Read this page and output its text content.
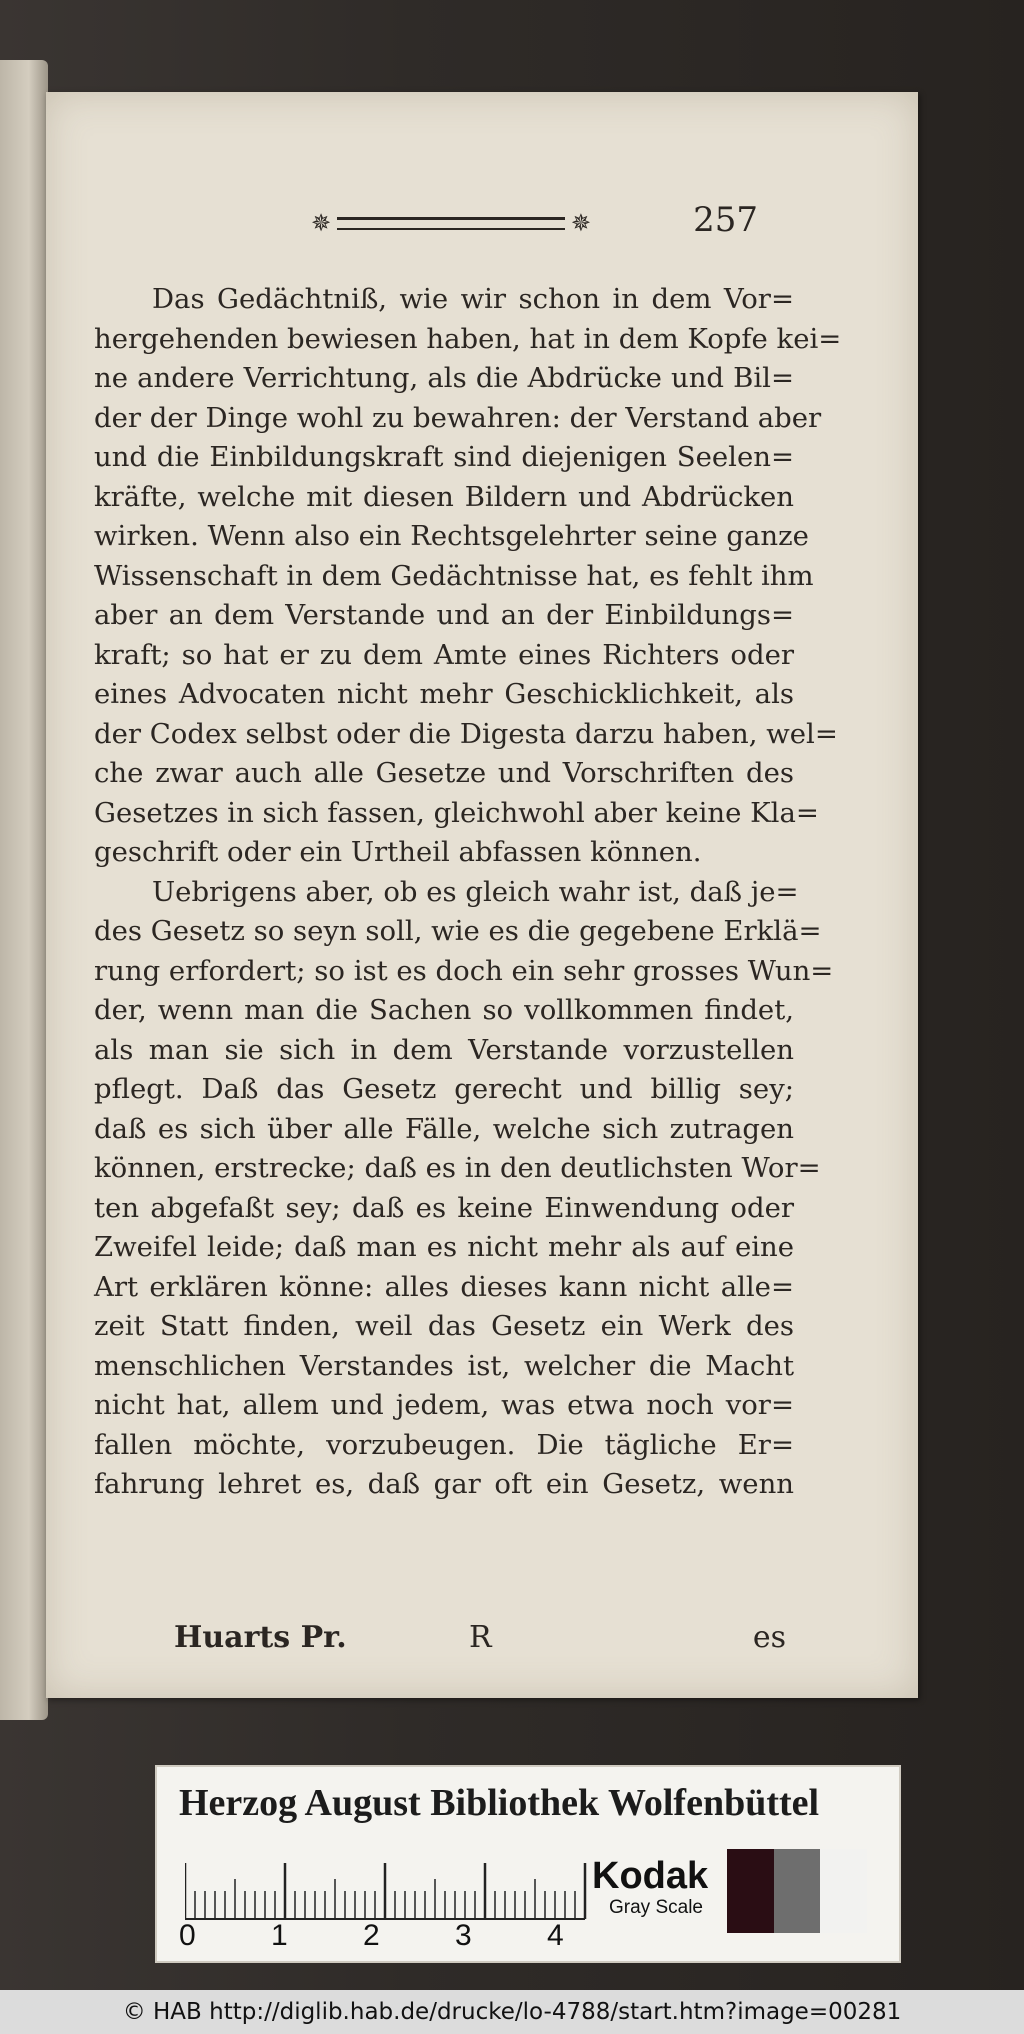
✵	✵	257
Das Gedächtniß, wie wir schon in dem Vor=
hergehenden bewiesen haben, hat in dem Kopfe kei=
ne andere Verrichtung, als die Abdrücke und Bil=
der der Dinge wohl zu bewahren: der Verstand aber
und die Einbildungskraft sind diejenigen Seelen=
kräfte, welche mit diesen Bildern und Abdrücken
wirken. Wenn also ein Rechtsgelehrter seine ganze
Wissenschaft in dem Gedächtnisse hat, es fehlt ihm
aber an dem Verstande und an der Einbildungs=
kraft; so hat er zu dem Amte eines Richters oder
eines Advocaten nicht mehr Geschicklichkeit, als
der Codex selbst oder die Digesta darzu haben, wel=
che zwar auch alle Gesetze und Vorschriften des
Gesetzes in sich fassen, gleichwohl aber keine Kla=
geschrift oder ein Urtheil abfassen können.
Uebrigens aber, ob es gleich wahr ist, daß je=
des Gesetz so seyn soll, wie es die gegebene Erklä=
rung erfordert; so ist es doch ein sehr grosses Wun=
der, wenn man die Sachen so vollkommen findet,
als man sie sich in dem Verstande vorzustellen
pflegt. Daß das Gesetz gerecht und billig sey;
daß es sich über alle Fälle, welche sich zutragen
können, erstrecke; daß es in den deutlichsten Wor=
ten abgefaßt sey; daß es keine Einwendung oder
Zweifel leide; daß man es nicht mehr als auf eine
Art erklären könne: alles dieses kann nicht alle=
zeit Statt finden, weil das Gesetz ein Werk des
menschlichen Verstandes ist, welcher die Macht
nicht hat, allem und jedem, was etwa noch vor=
fallen möchte, vorzubeugen. Die tägliche Er=
fahrung lehret es, daß gar oft ein Gesetz, wenn
Huarts Pr.	R	es
Herzog August Bibliothek Wolfenbüttel
0	1	2	3	4
Kodak
Gray Scale
© HAB http://diglib.hab.de/drucke/lo-4788/start.htm?image=00281
